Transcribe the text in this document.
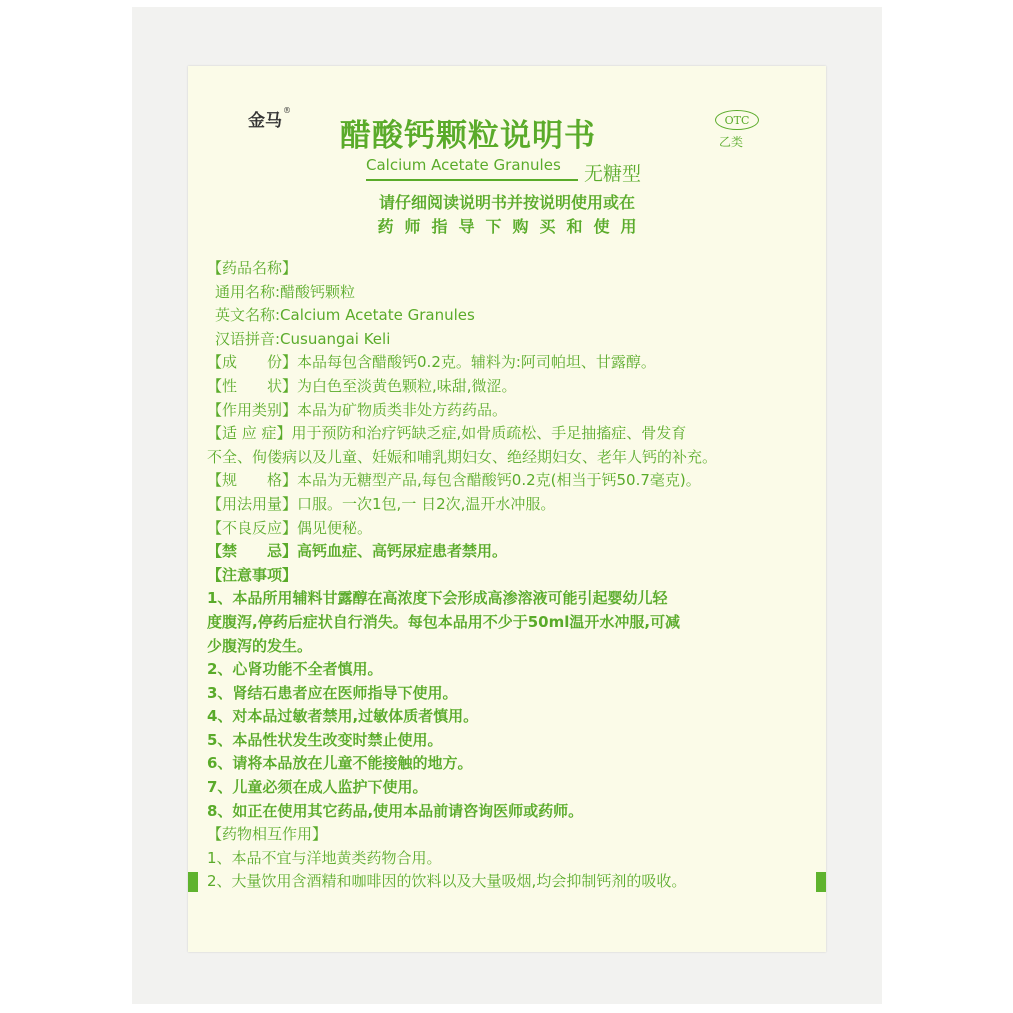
金马®
醋酸钙颗粒说明书	OTC
乙类
Calcium Acetate Granules 无糖型
请仔细阅读说明书并按说明使用或在
药师指导下购买和使用
【药品名称】
通用名称:醋酸钙颗粒
英文名称:Calcium Acetate Granules
汉语拼音:Cusuangai Keli
【成　　份】本品每包含醋酸钙0.2克。辅料为:阿司帕坦、甘露醇。
【性　　状】为白色至淡黄色颗粒,味甜,微涩。
【作用类别】本品为矿物质类非处方药药品。
【适 应 症】用于预防和治疗钙缺乏症,如骨质疏松、手足抽搐症、骨发育
不全、佝偻病以及儿童、妊娠和哺乳期妇女、绝经期妇女、老年人钙的补充。
【规　　格】本品为无糖型产品,每包含醋酸钙0.2克(相当于钙50.7毫克)。
【用法用量】口服。一次1包,一 日2次,温开水冲服。
【不良反应】偶见便秘。
【禁　　忌】高钙血症、高钙尿症患者禁用。
【注意事项】
1、本品所用辅料甘露醇在高浓度下会形成高渗溶液可能引起婴幼儿轻
度腹泻,停药后症状自行消失。每包本品用不少于50ml温开水冲服,可减
少腹泻的发生。
2、心肾功能不全者慎用。
3、肾结石患者应在医师指导下使用。
4、对本品过敏者禁用,过敏体质者慎用。
5、本品性状发生改变时禁止使用。
6、请将本品放在儿童不能接触的地方。
7、儿童必须在成人监护下使用。
8、如正在使用其它药品,使用本品前请咨询医师或药师。
【药物相互作用】
1、本品不宜与洋地黄类药物合用。
2、大量饮用含酒精和咖啡因的饮料以及大量吸烟,均会抑制钙剂的吸收。
